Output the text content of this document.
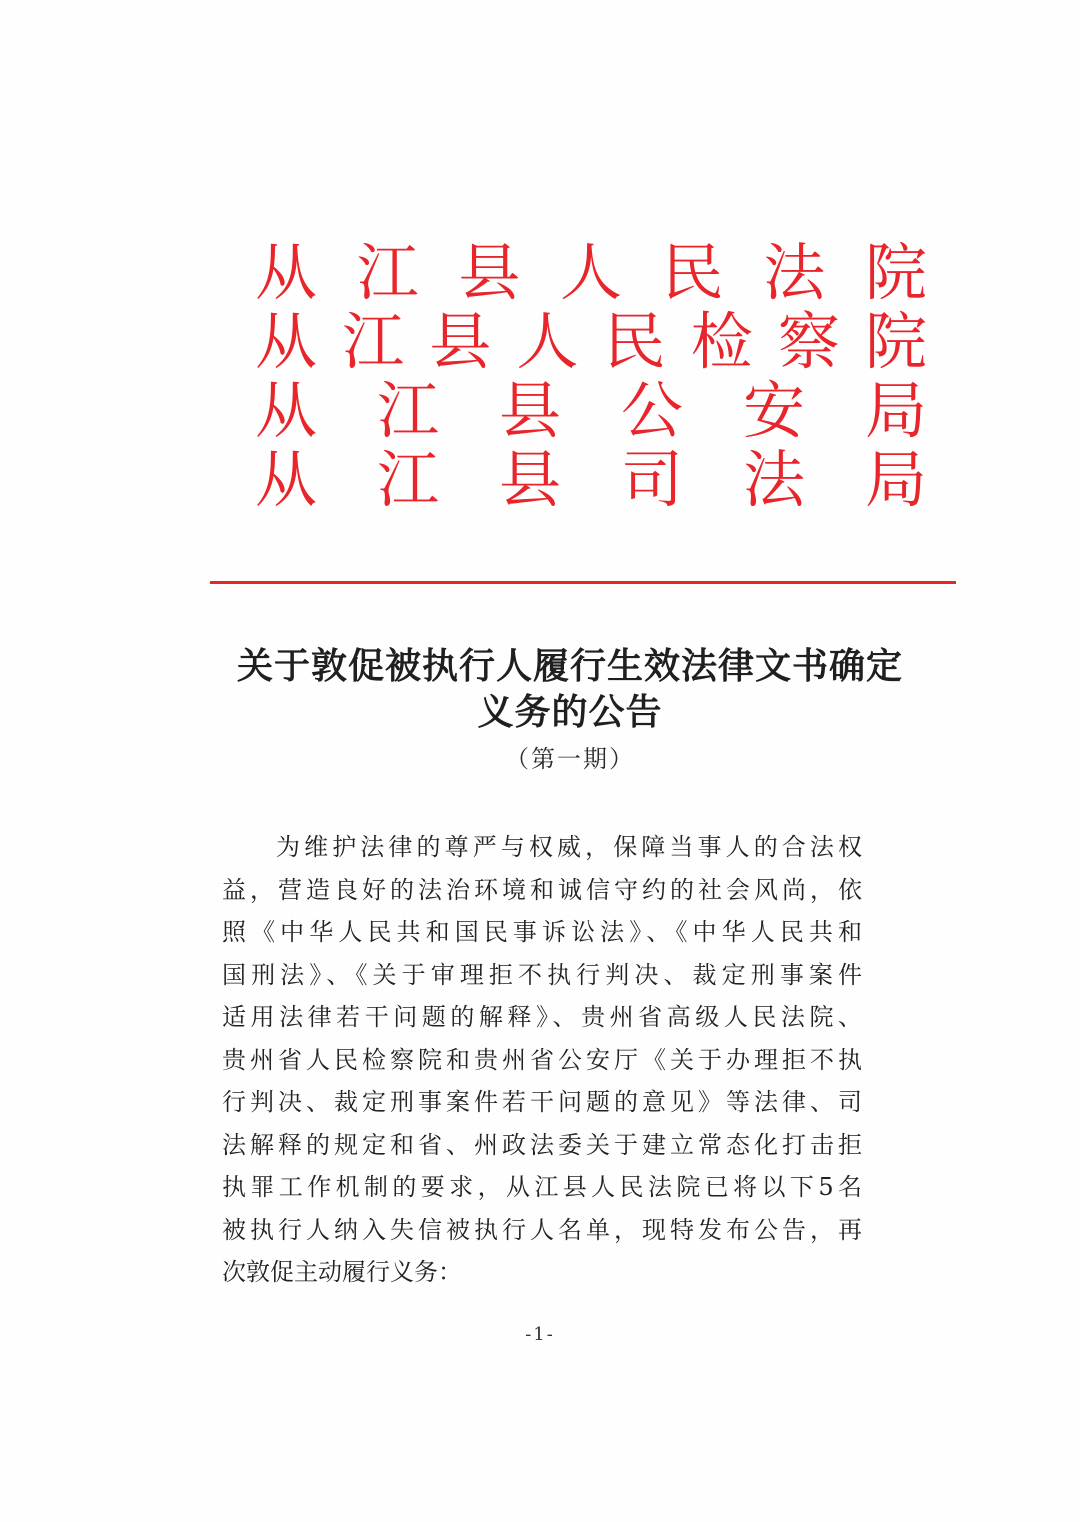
从 江 县 人 民 法 院
从 江 县 人 民 检 察 院
从 江 县 公 安 局
从 江 县 司 法 局
关于敦促被执行人履行生效法律文书确定
义务的公告
（第一期）
为维护法律的尊严与权威，保障当事人的合法权
益，营造良好的法治环境和诚信守约的社会风尚，依
照《中华人民共和国民事诉讼法》、《中华人民共和
国刑法》、《关于审理拒不执行判决、裁定刑事案件
适用法律若干问题的解释》、贵州省高级人民法院、
贵州省人民检察院和贵州省公安厅《关于办理拒不执
行判决、裁定刑事案件若干问题的意见》等法律、司
法解释的规定和省、州政法委关于建立常态化打击拒
执罪工作机制的要求，从江县人民法院已将以下5名
被执行人纳入失信被执行人名单，现特发布公告，再
次敦促主动履行义务：
-1-
